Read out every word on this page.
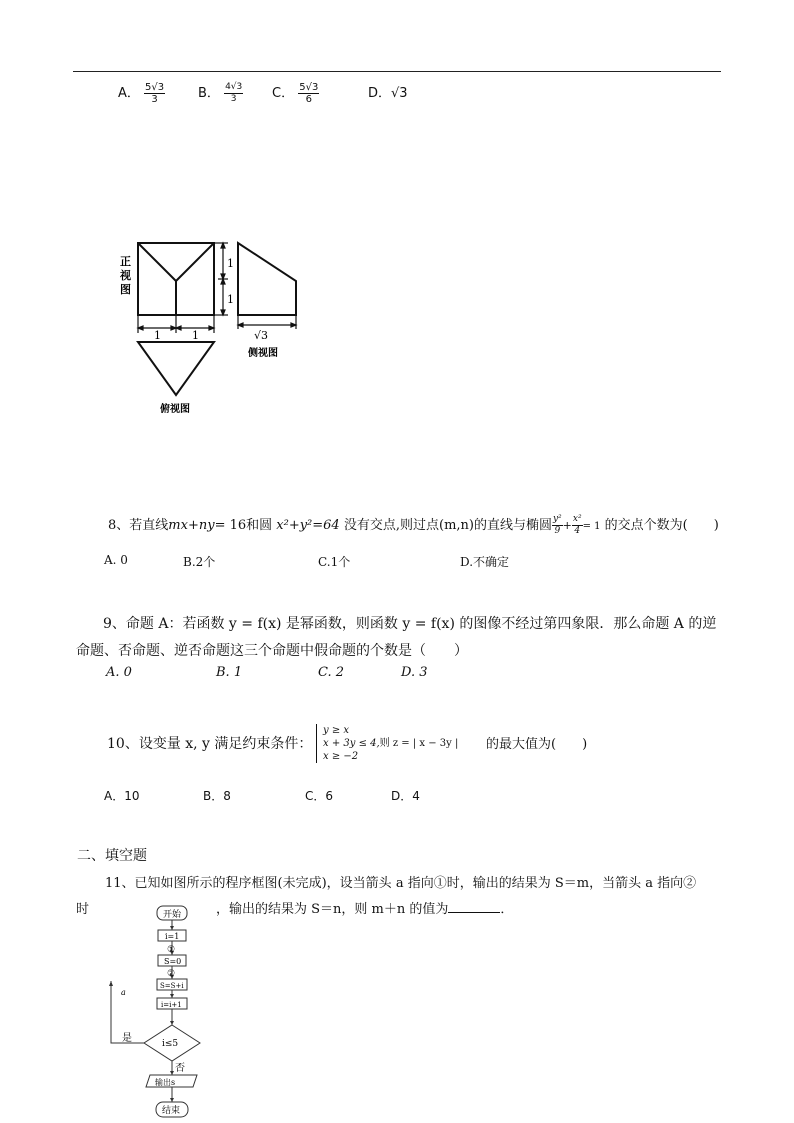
A． $\frac{5√3}{3}$	B． $\frac{4√3}{3}$ C． $\frac{5√3}{6}$	D．√3
1
1
正
视
图
1	1	√3
侧视图
俯视图
8、若直线mx+ny= 16和圆 x²+y²=64 没有交点,则过点(m,n)的直线与椭圆 $\frac{\text{y²}}{9} + \frac{\text{x²}}{4} = 1$ 的交点个数为(　　)
A. 0	B.2个	C.1个	D.不确定
9、命题 A：若函数 y = f(x) 是幂函数，则函数 y = f(x) 的图像不经过第四象限．那么命题 A 的逆
命题、否命题、逆否命题这三个命题中假命题的个数是（　　）
A. 0	B. 1	C. 2	D. 3
10、设变量 x, y 满足约束条件：
y ≥ x
x + 3y ≤ 4,则 z = | x − 3y |
x ≥ −2
的最大值为(　　)
A．10	B．8	C．6	D．4
二、填空题
11、已知如图所示的程序框图(未完成)，设当箭头 a 指向①时，输出的结果为 S＝m，当箭头 a 指向②
时	，输出的结果为 S＝n，则 m＋n 的值为	．
开始
i=1
①
S=0
②
S=S+i
i=i+1
i≤5
是
否
a
输出s
结束
